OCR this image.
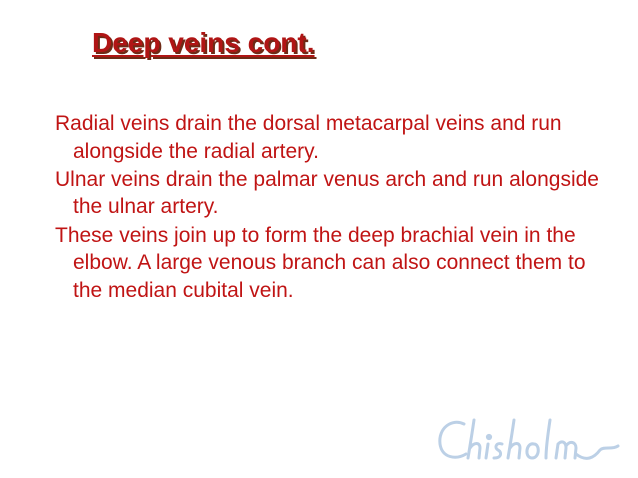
Deep veins cont.
Radial veins drain the dorsal metacarpal veins and run alongside the radial artery.
Ulnar veins drain the palmar venus arch and run alongside the ulnar artery.
These veins join up to form the deep brachial vein in the elbow. A large venous branch can also connect them to the median cubital vein.
